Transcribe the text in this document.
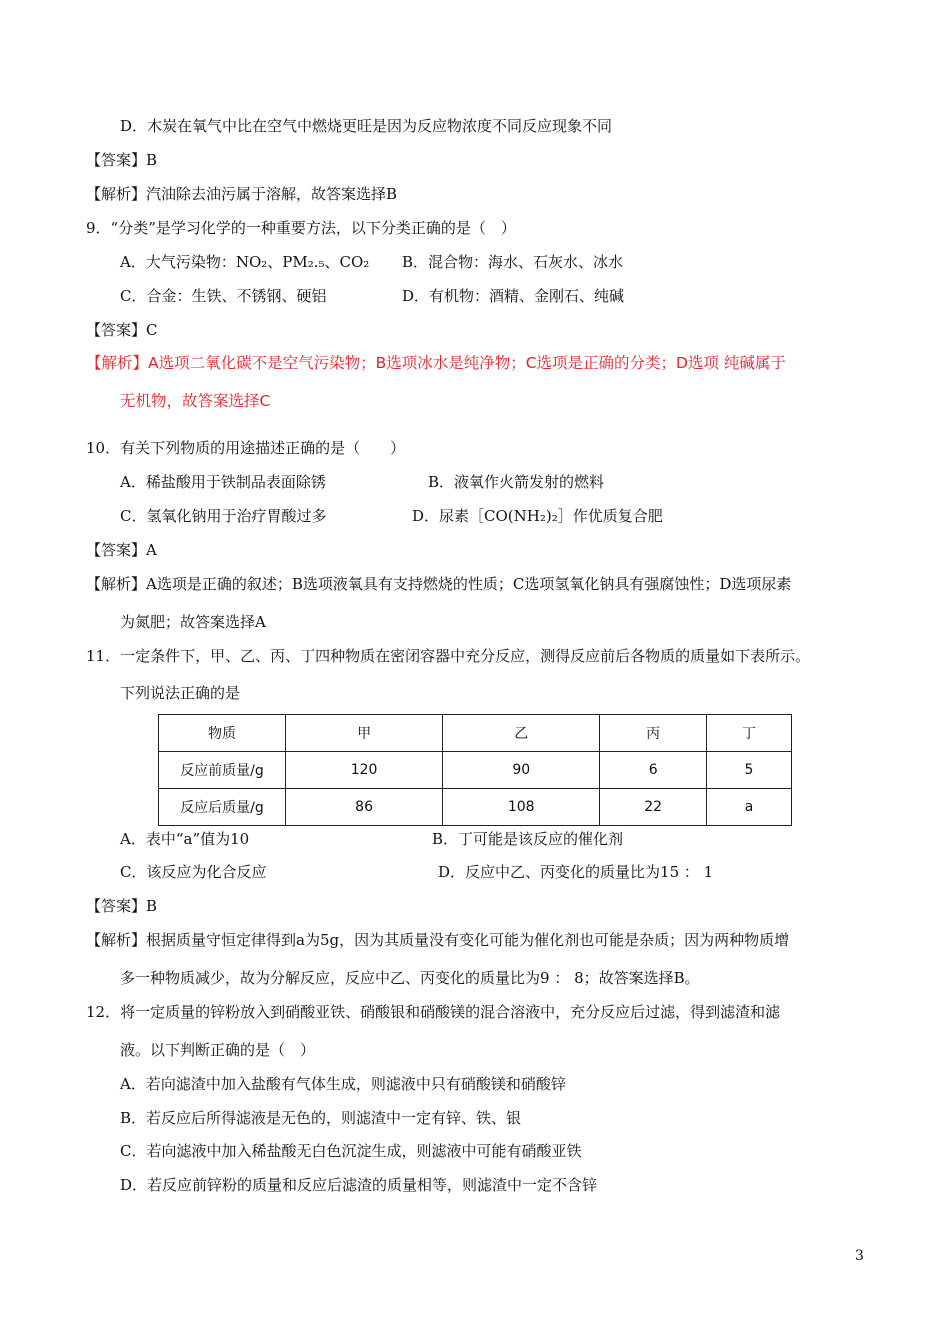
D．木炭在氧气中比在空气中燃烧更旺是因为反应物浓度不同反应现象不同
【答案】B
【解析】汽油除去油污属于溶解，故答案选择B
9．“分类”是学习化学的一种重要方法，以下分类正确的是（　）
A．大气污染物：NO₂、PM₂.₅、CO₂ B．混合物：海水、石灰水、冰水
C．合金：生铁、不锈钢、硬铝	D．有机物：酒精、金刚石、纯碱
【答案】C
【解析】A选项二氧化碳不是空气污染物；B选项冰水是纯净物；C选项是正确的分类；D选项 纯碱属于
无机物，故答案选择C
10．有关下列物质的用途描述正确的是（　　）
A．稀盐酸用于铁制品表面除锈	B．液氧作火箭发射的燃料
C．氢氧化钠用于治疗胃酸过多	D．尿素［CO(NH₂)₂］作优质复合肥
【答案】A
【解析】A选项是正确的叙述；B选项液氧具有支持燃烧的性质；C选项氢氧化钠具有强腐蚀性；D选项尿素
为氮肥；故答案选择A
11．一定条件下，甲、乙、丙、丁四种物质在密闭容器中充分反应，测得反应前后各物质的质量如下表所示。
下列说法正确的是
物质	甲	乙	丙	丁
反应前质量/g	120	90	6	5
反应后质量/g	86	108	22	a
A．表中“a”值为10	B．丁可能是该反应的催化剂
C．该反应为化合反应	D．反应中乙、丙变化的质量比为15 ： 1
【答案】B
【解析】根据质量守恒定律得到a为5g，因为其质量没有变化可能为催化剂也可能是杂质；因为两种物质增
多一种物质减少，故为分解反应，反应中乙、丙变化的质量比为9 ： 8；故答案选择B。
12．将一定质量的锌粉放入到硝酸亚铁、硝酸银和硝酸镁的混合溶液中，充分反应后过滤，得到滤渣和滤
液。以下判断正确的是（　）
A．若向滤渣中加入盐酸有气体生成，则滤液中只有硝酸镁和硝酸锌
B．若反应后所得滤液是无色的，则滤渣中一定有锌、铁、银
C．若向滤液中加入稀盐酸无白色沉淀生成，则滤液中可能有硝酸亚铁
D．若反应前锌粉的质量和反应后滤渣的质量相等，则滤渣中一定不含锌
3
